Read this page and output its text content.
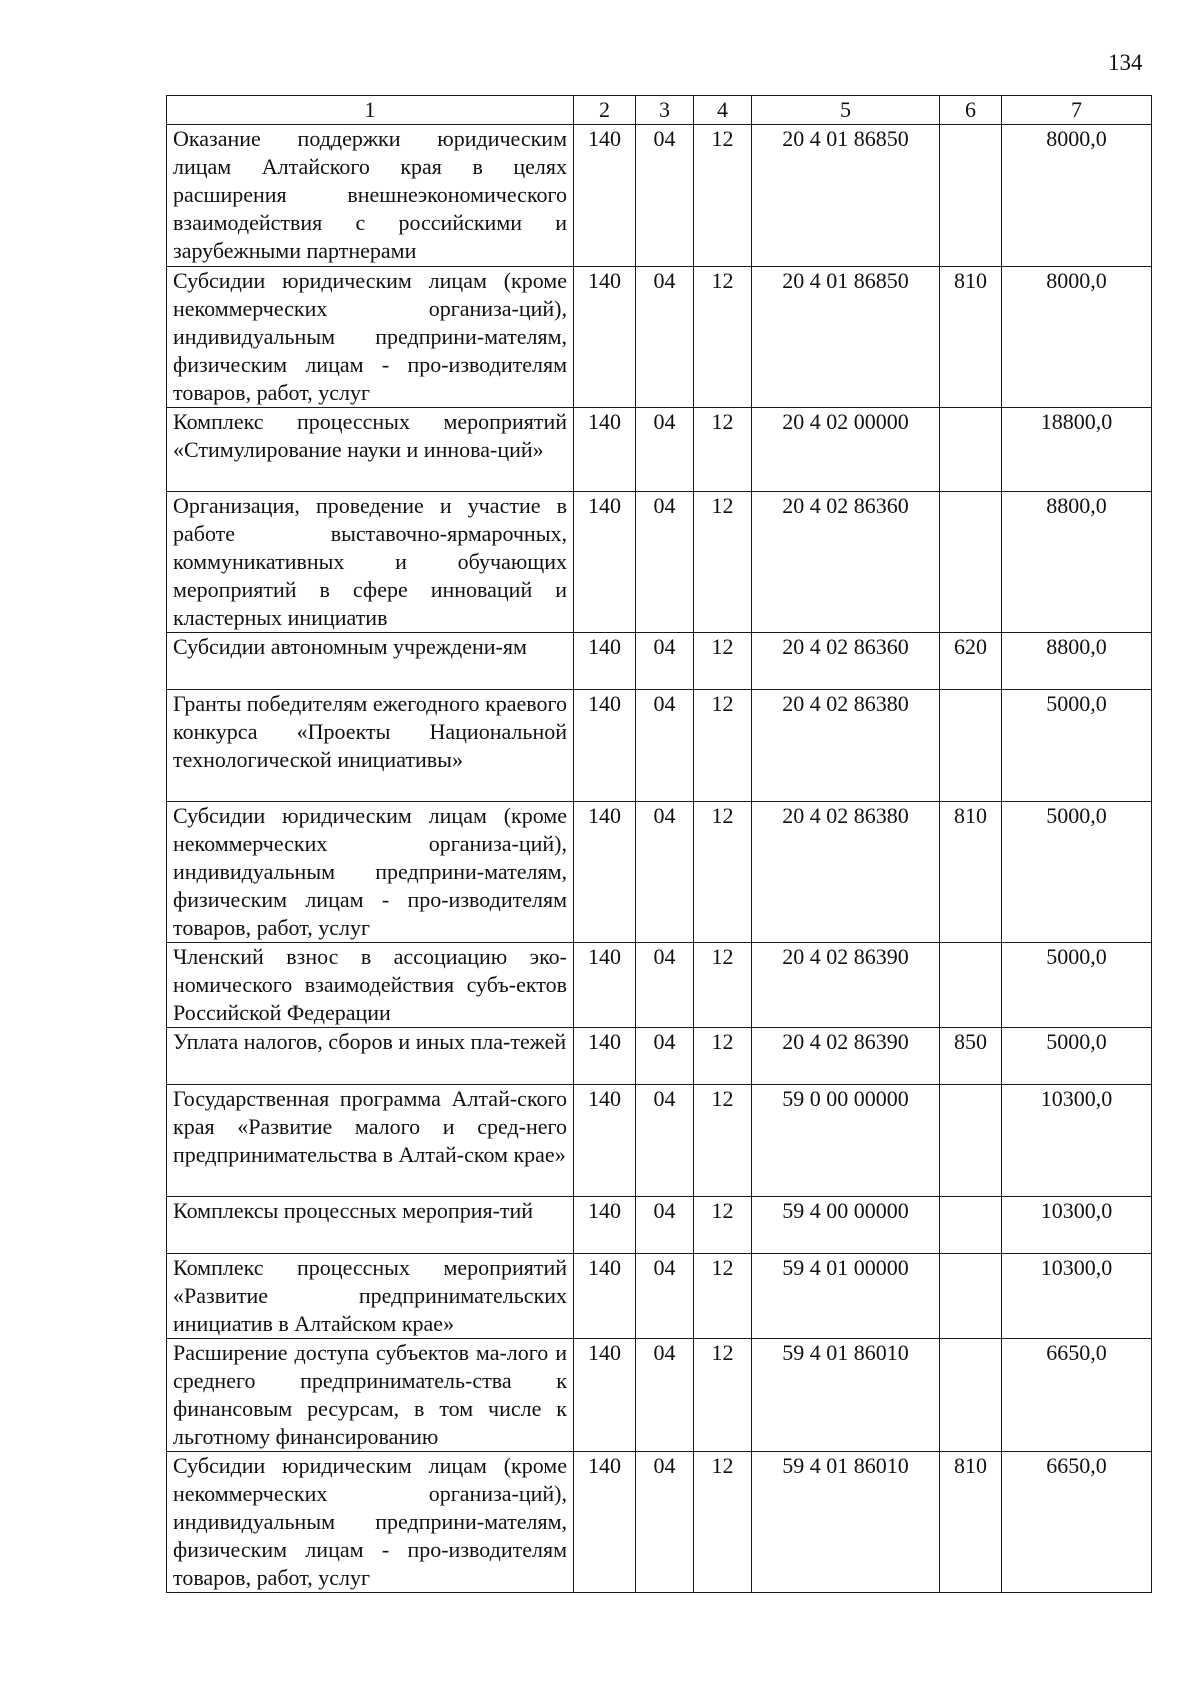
134
1	2	3	4	5	6	7
Оказание поддержки юридическим лицам Алтайского края в целях расширения внешнеэкономического взаимодействия с российскими и зарубежными партнерами	140	04	12	20 4 01 86850		8000,0
Субсидии юридическим лицам (кроме некоммерческих организа-ций), индивидуальным предприни-мателям, физическим лицам - про-изводителям товаров, работ, услуг	140	04	12	20 4 01 86850	810	8000,0
Комплекс процессных мероприятий «Стимулирование науки и иннова-ций»	140	04	12	20 4 02 00000		18800,0
Организация, проведение и участие в работе выставочно-ярмарочных, коммуникативных и обучающих мероприятий в сфере инноваций и кластерных инициатив	140	04	12	20 4 02 86360		8800,0
Субсидии автономным учреждени-ям	140	04	12	20 4 02 86360	620	8800,0
Гранты победителям ежегодного краевого конкурса «Проекты Национальной технологической инициативы»	140	04	12	20 4 02 86380		5000,0
Субсидии юридическим лицам (кроме некоммерческих организа-ций), индивидуальным предприни-мателям, физическим лицам - про-изводителям товаров, работ, услуг	140	04	12	20 4 02 86380	810	5000,0
Членский взнос в ассоциацию эко-номического взаимодействия субъ-ектов Российской Федерации	140	04	12	20 4 02 86390		5000,0
Уплата налогов, сборов и иных пла-тежей	140	04	12	20 4 02 86390	850	5000,0
Государственная программа Алтай-ского края «Развитие малого и сред-него предпринимательства в Алтай-ском крае»	140	04	12	59 0 00 00000		10300,0
Комплексы процессных мероприя-тий	140	04	12	59 4 00 00000		10300,0
Комплекс процессных мероприятий «Развитие предпринимательских инициатив в Алтайском крае»	140	04	12	59 4 01 00000		10300,0
Расширение доступа субъектов ма-лого и среднего предприниматель-ства к финансовым ресурсам, в том числе к льготному финансированию	140	04	12	59 4 01 86010		6650,0
Субсидии юридическим лицам (кроме некоммерческих организа-ций), индивидуальным предприни-мателям, физическим лицам - про-изводителям товаров, работ, услуг	140	04	12	59 4 01 86010	810	6650,0
